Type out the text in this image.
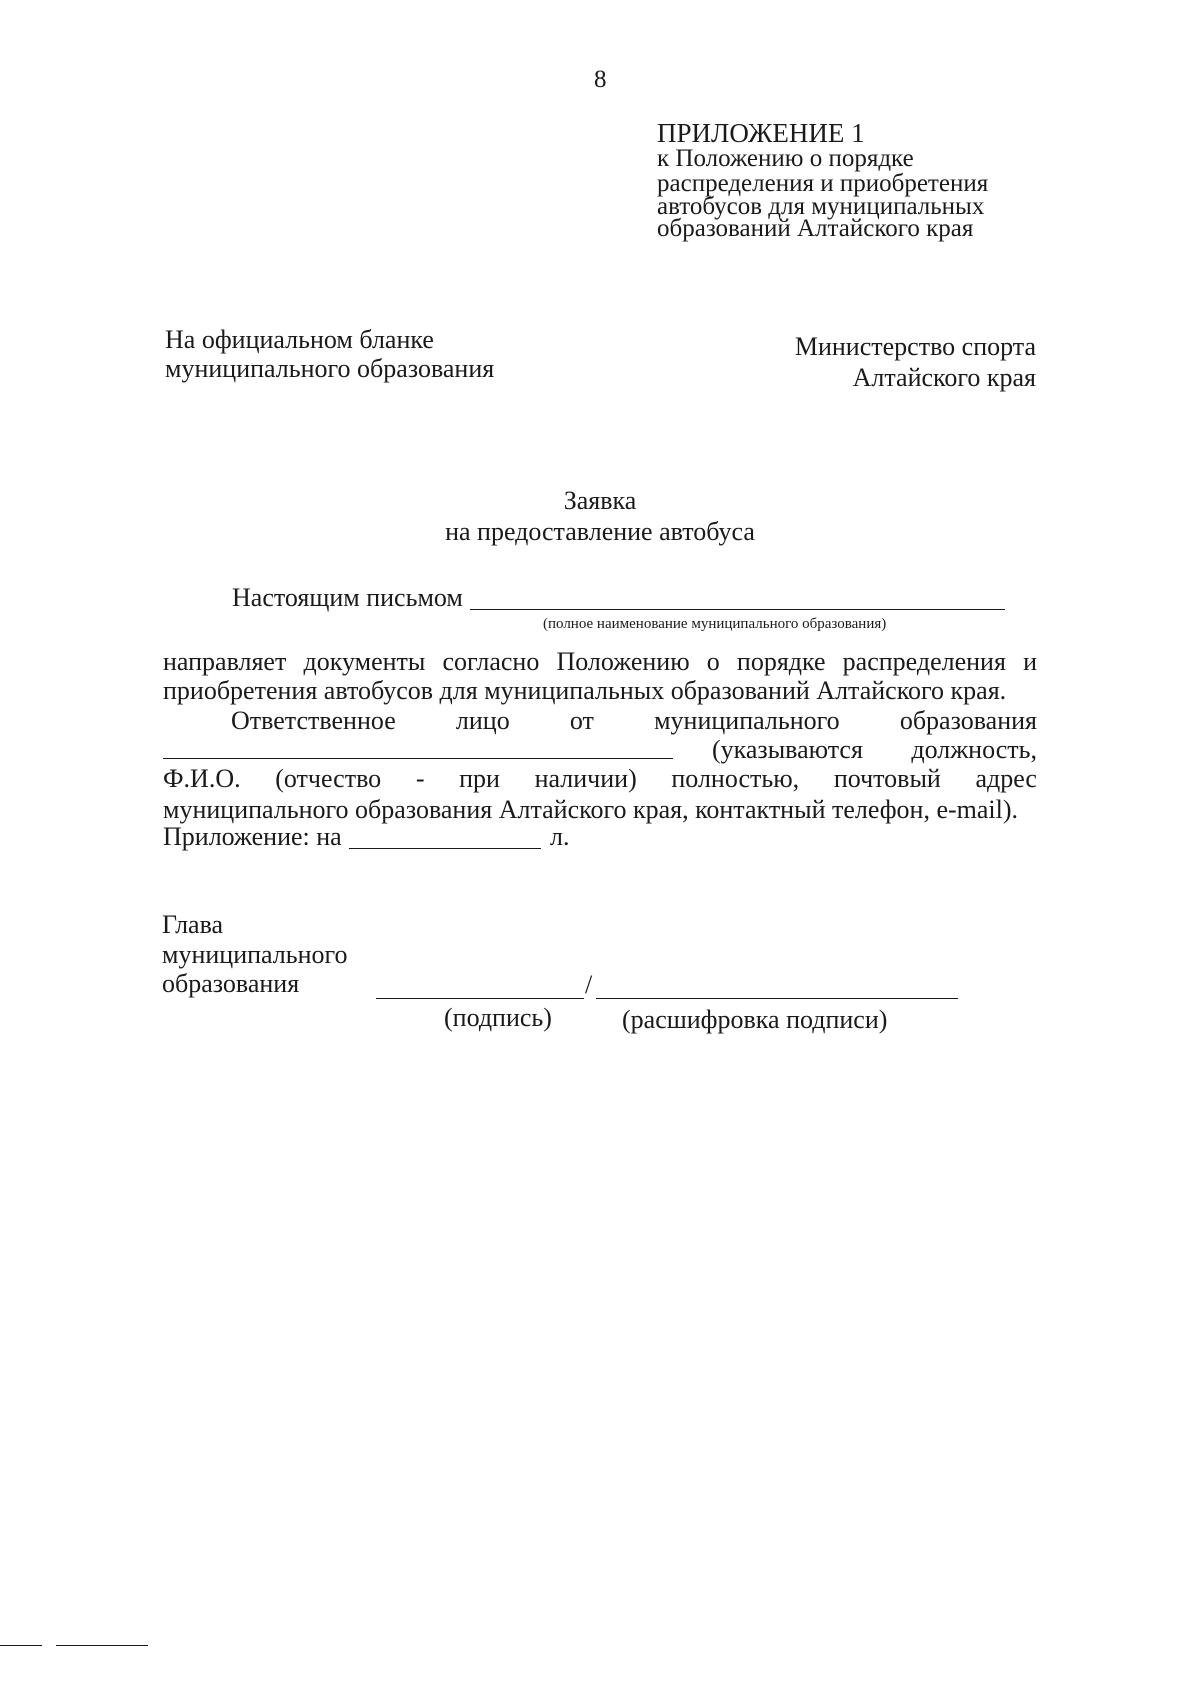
8
ПРИЛОЖЕНИЕ 1
к Положению о порядке
распределения и приобретения
автобусов для муниципальных
образований Алтайского края
На официальном бланке
муниципального образования
Министерство спорта
Алтайского края
Заявка
на предоставление автобуса
Настоящим письмом
(полное наименование муниципального образования)
направляет документы согласно Положению о порядке распределения и
приобретения автобусов для муниципальных образований Алтайского края.
Ответственное лицо от муниципального образования
(указываются должность,
Ф.И.О. (отчество - при наличии) полностью, почтовый адрес
муниципального образования Алтайского края, контактный телефон, e-mail).
Приложение: на	л.
Глава
муниципального
образования	/
(подпись)	(расшифровка подписи)
